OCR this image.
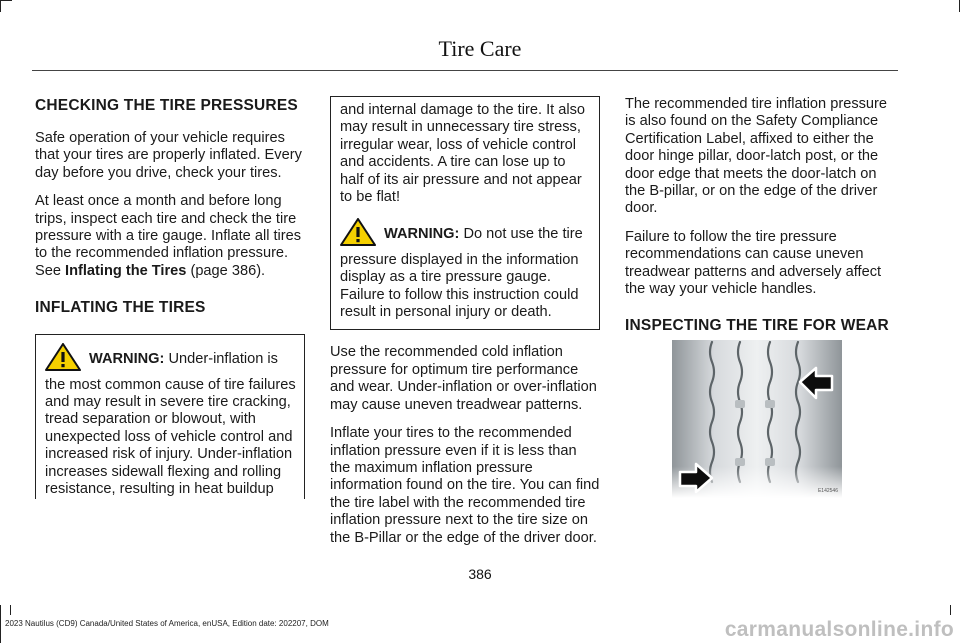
Tire Care
CHECKING THE TIRE PRESSURES

Safe operation of your vehicle requires that your tires are properly inflated. Every day before you drive, check your tires.

At least once a month and before long trips, inspect each tire and check the tire pressure with a tire gauge. Inflate all tires to the recommended inflation pressure. See Inflating the Tires (page 386).

INFLATING THE TIRES

WARNING: Under-inflation is the most common cause of tire failures and may result in severe tire cracking, tread separation or blowout, with unexpected loss of vehicle control and increased risk of injury. Under-inflation increases sidewall flexing and rolling resistance, resulting in heat buildup

and internal damage to the tire. It also may result in unnecessary tire stress, irregular wear, loss of vehicle control and accidents. A tire can lose up to half of its air pressure and not appear to be flat!

WARNING: Do not use the tire pressure displayed in the information display as a tire pressure gauge. Failure to follow this instruction could result in personal injury or death.

Use the recommended cold inflation pressure for optimum tire performance and wear. Under-inflation or over-inflation may cause uneven treadwear patterns.

Inflate your tires to the recommended inflation pressure even if it is less than the maximum inflation pressure information found on the tire. You can find the tire label with the recommended tire inflation pressure next to the tire size on the B-Pillar or the edge of the driver door.

The recommended tire inflation pressure is also found on the Safety Compliance Certification Label, affixed to either the door hinge pillar, door-latch post, or the door edge that meets the door-latch on the B-pillar, or on the edge of the driver door.

Failure to follow the tire pressure recommendations can cause uneven treadwear patterns and adversely affect the way your vehicle handles.

INSPECTING THE TIRE FOR WEAR
E142546
386
2023 Nautilus (CD9) Canada/United States of America, enUSA, Edition date: 202207, DOM	carmanualsonline.info
